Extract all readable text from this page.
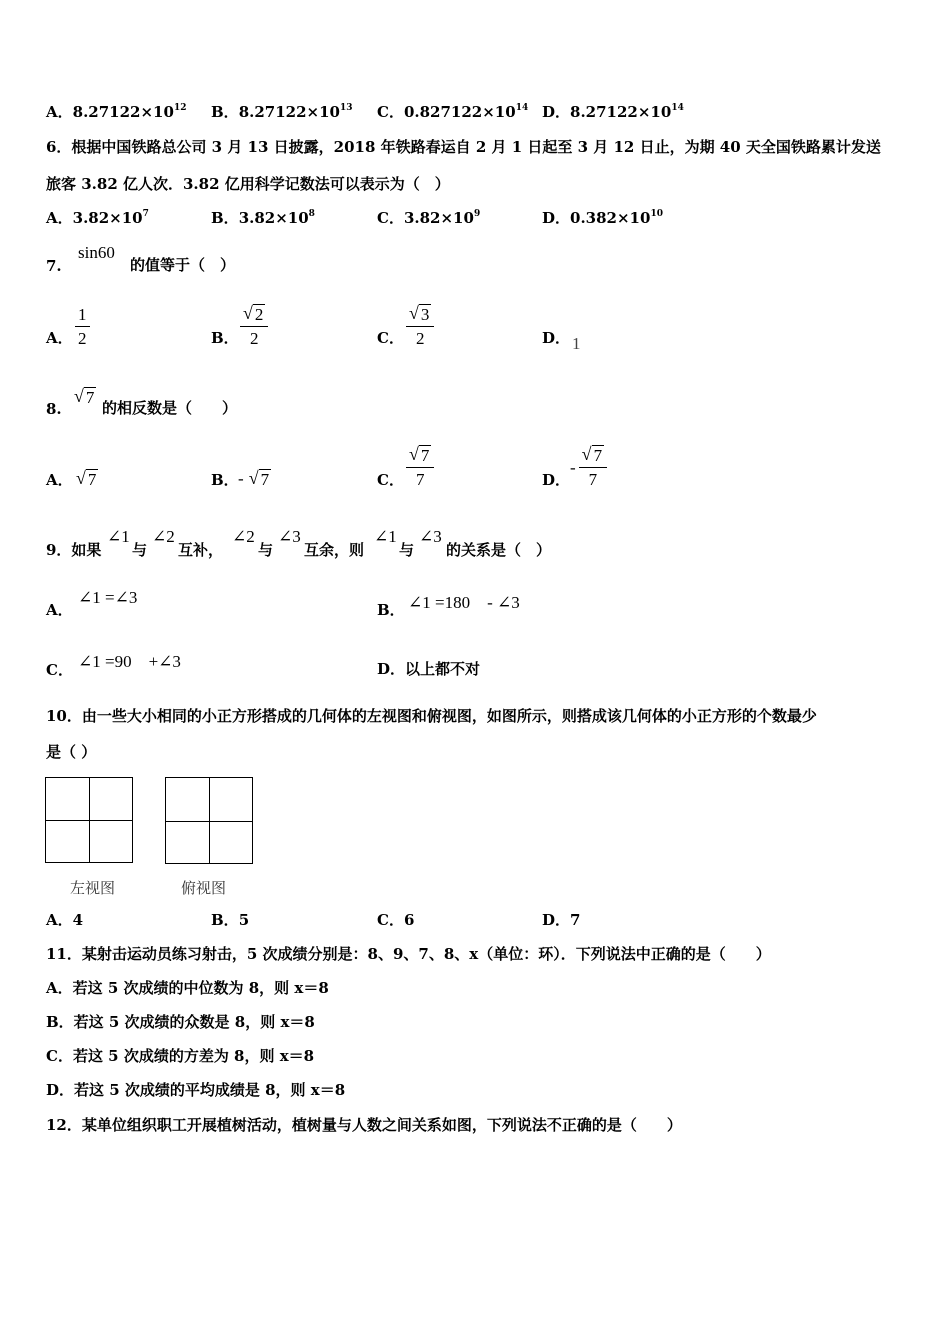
A．$8.27122\times 10^{12}$ B．$8.27122\times 10^{13}$ C．$0.827122\times 10^{14}$ D．$8.27122\times 10^{14}$
6．根据中国铁路总公司 3 月 13 日披露，2018 年铁路春运自 2 月 1 日起至 3 月 12 日止，为期 40 天全国铁路累计发送
旅客 3.82 亿人次．3.82 亿用科学记数法可以表示为（　）
A．$3.82\times 10^7$	B．$3.82\times 10^8$	C．$3.82\times 10^9$	D．$0.382\times 10^{10}$
7.
sin60
的值等于（　）
A． $\frac{1}{2}$	B． $\frac{√ 2}{2}$	C． $\frac{√ 3}{2}$	D． 1
8.
√ 7
的相反数是（　　）
A． √ 7	B． - √ 7	C． $\frac{√ 7}{7}$	D．
- $\frac{√ 7}{7}$
9．如果
∠1
与
∠2
互补，
∠2
与
∠3
互余，则
∠1
与
∠3
的关系是（　）
A．
∠1 =∠3
B． ∠1 =180　- ∠3
C． ∠1 =90　+∠3	D．以上都不对
10．由一些大小相同的小正方形搭成的几何体的左视图和俯视图，如图所示，则搭成该几何体的小正方形的个数最少
是（ ）
左视图	俯视图
A．4	B．5	C．6	D．7
11．某射击运动员练习射击，5 次成绩分别是：8、9、7、8、x（单位：环）．下列说法中正确的是（　　）
A．若这 5 次成绩的中位数为 8，则 x＝8
B．若这 5 次成绩的众数是 8，则 x＝8
C．若这 5 次成绩的方差为 8，则 x＝8
D．若这 5 次成绩的平均成绩是 8，则 x＝8
12．某单位组织职工开展植树活动，植树量与人数之间关系如图，下列说法不正确的是（　　）
